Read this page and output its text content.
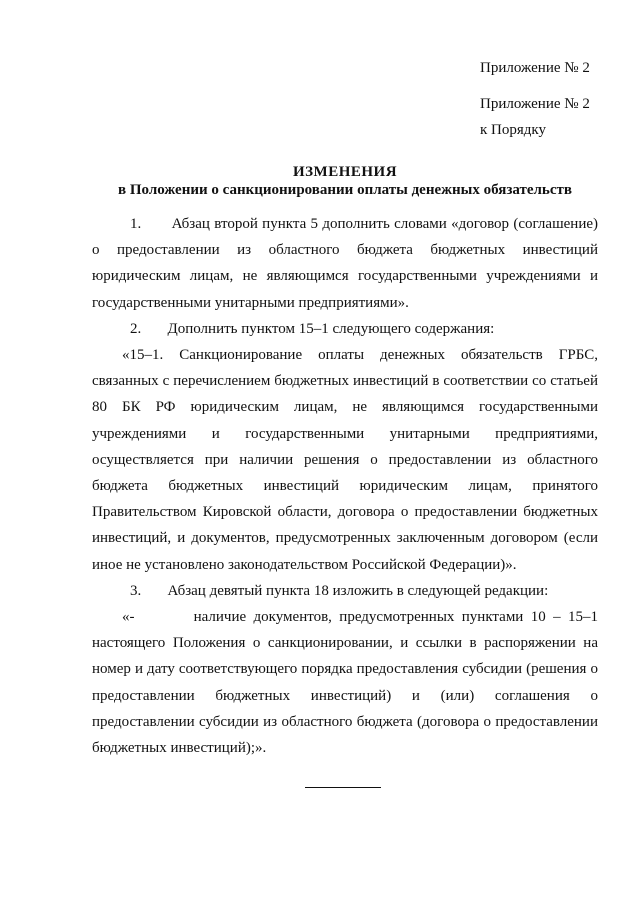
Приложение № 2
Приложение № 2
к Порядку
ИЗМЕНЕНИЯ
в Положении о санкционировании оплаты денежных обязательств

1.       Абзац второй пункта 5 дополнить словами «договор (соглашение) о предоставлении из областного бюджета бюджетных инвестиций юридическим лицам, не являющимся государственными учреждениями и государственными унитарными предприятиями».

2.       Дополнить пунктом 15–1 следующего содержания:

«15–1. Санкционирование оплаты денежных обязательств ГРБС, связанных с перечислением бюджетных инвестиций в соответствии со статьей 80 БК РФ юридическим лицам, не являющимся государственными учреждениями и государственными унитарными предприятиями, осуществляется при наличии решения о предоставлении из областного бюджета бюджетных инвестиций юридическим лицам, принятого Правительством Кировской области, договора о предоставлении бюджетных инвестиций, и документов, предусмотренных заключенным договором (если иное не установлено законодательством Российской Федерации)».

3.       Абзац девятый пункта 18 изложить в следующей редакции:

«-        наличие документов, предусмотренных пунктами 10 – 15–1 настоящего Положения о санкционировании, и ссылки в распоряжении на номер и дату соответствующего порядка предоставления субсидии (решения о предоставлении бюджетных инвестиций) и (или) соглашения о предоставлении субсидии из областного бюджета (договора о предоставлении бюджетных инвестиций);».
